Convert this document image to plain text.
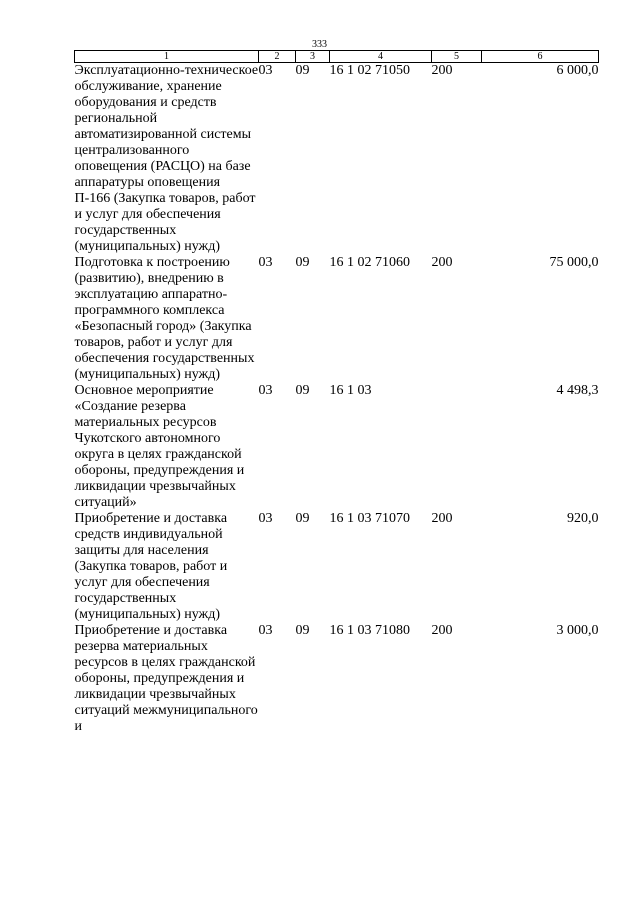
333
1	2	3	4	5	6
Эксплуатационно-техническое обслуживание, хранение оборудования и средств региональной автоматизированной системы централизованного оповещения (РАСЦО) на базе аппаратуры оповещения П-166 (Закупка товаров, работ и услуг для обеспечения государственных (муниципальных) нужд)	03	09	16 1 02 71050	200	6 000,0
Подготовка к построению (развитию), внедрению в эксплуатацию аппаратно-программного комплекса «Безопасный город» (Закупка товаров, работ и услуг для обеспечения государственных (муниципальных) нужд)	03	09	16 1 02 71060	200	75 000,0
Основное мероприятие «Создание резерва материальных ресурсов Чукотского автономного округа в целях гражданской обороны, предупреждения и ликвидации чрезвычайных ситуаций»	03	09	16 1 03		4 498,3
Приобретение и доставка средств индивидуальной защиты для населения (Закупка товаров, работ и услуг для обеспечения государственных (муниципальных) нужд)	03	09	16 1 03 71070	200	920,0
Приобретение и доставка резерва материальных ресурсов в целях гражданской обороны, предупреждения и ликвидации чрезвычайных ситуаций межмуниципального и	03	09	16 1 03 71080	200	3 000,0
